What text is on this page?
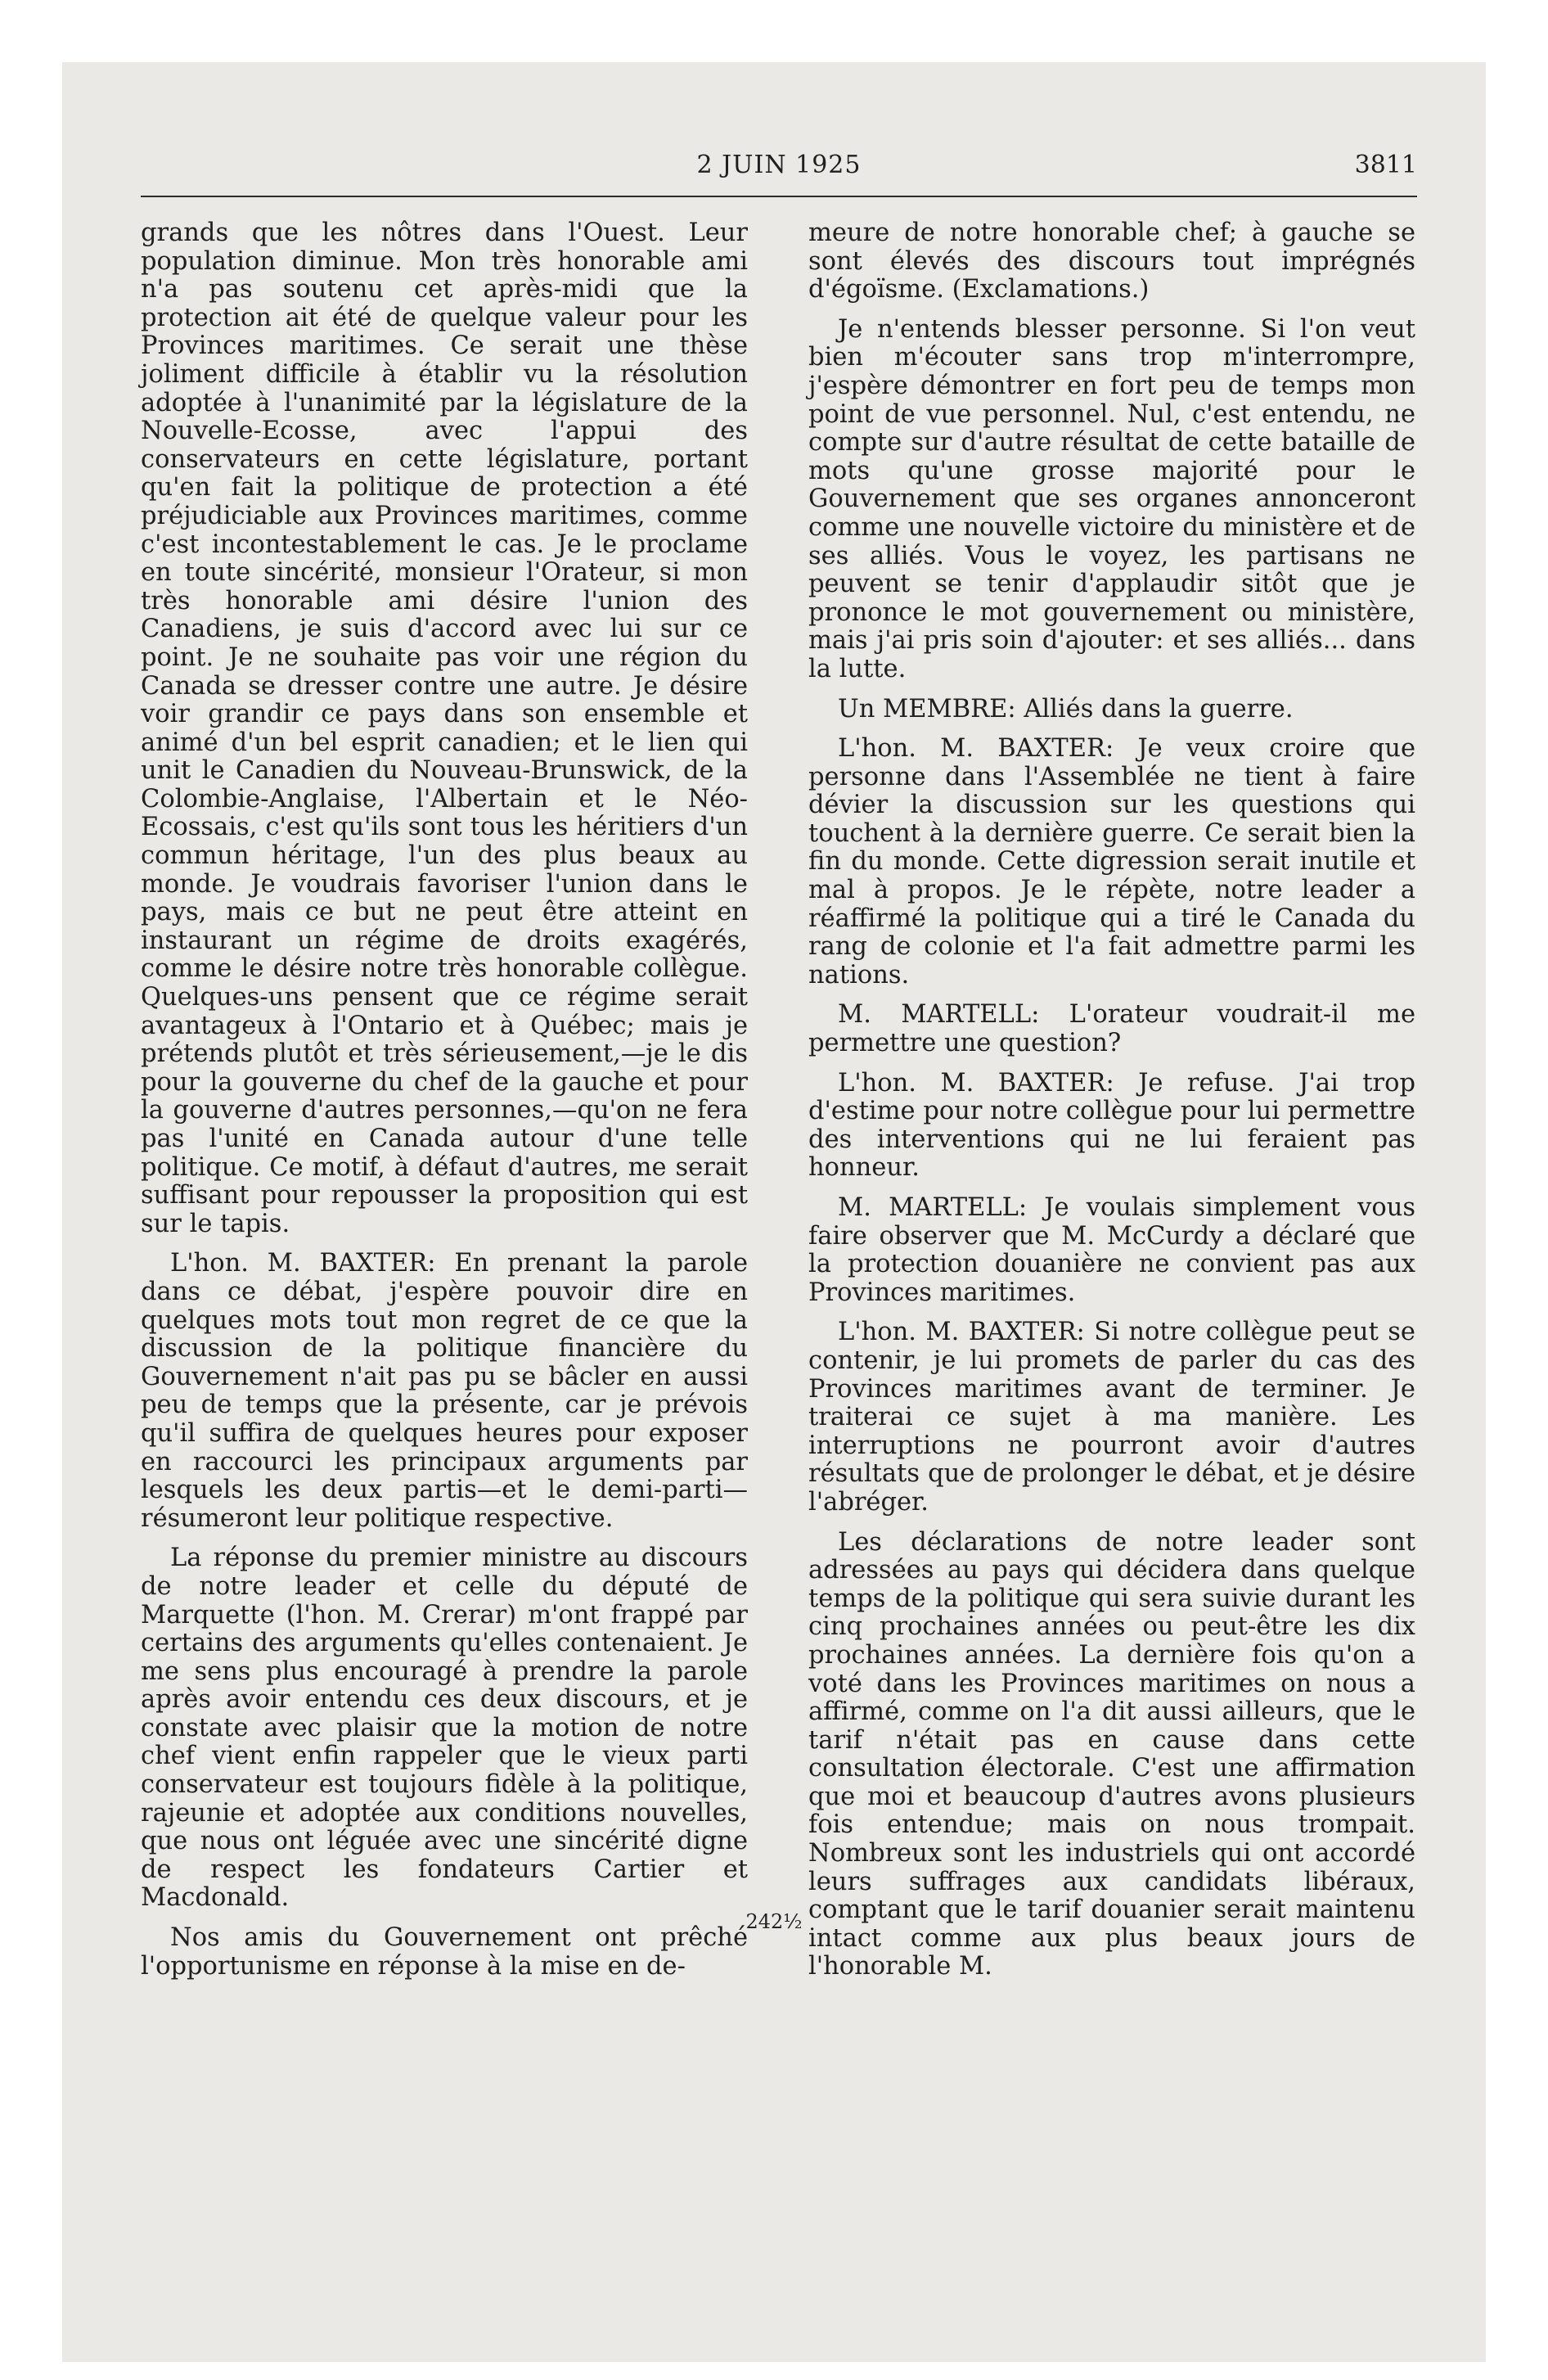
2 JUIN 1925	3811

grands que les nôtres dans l'Ouest. Leur population diminue. Mon très honorable ami n'a pas soutenu cet après-midi que la protection ait été de quelque valeur pour les Provinces maritimes. Ce serait une thèse joliment difficile à établir vu la résolution adoptée à l'unanimité par la législature de la Nouvelle-Ecosse, avec l'appui des conservateurs en cette législature, portant qu'en fait la politique de protection a été préjudiciable aux Provinces maritimes, comme c'est incontestablement le cas. Je le proclame en toute sincérité, monsieur l'Orateur, si mon très honorable ami désire l'union des Canadiens, je suis d'accord avec lui sur ce point. Je ne souhaite pas voir une région du Canada se dresser contre une autre. Je désire voir grandir ce pays dans son ensemble et animé d'un bel esprit canadien; et le lien qui unit le Canadien du Nouveau-Brunswick, de la Colombie-Anglaise, l'Albertain et le Néo-Ecossais, c'est qu'ils sont tous les héritiers d'un commun héritage, l'un des plus beaux au monde. Je voudrais favoriser l'union dans le pays, mais ce but ne peut être atteint en instaurant un régime de droits exagérés, comme le désire notre très honorable collègue. Quelques-uns pensent que ce régime serait avantageux à l'Ontario et à Québec; mais je prétends plutôt et très sérieusement,—je le dis pour la gouverne du chef de la gauche et pour la gouverne d'autres personnes,—qu'on ne fera pas l'unité en Canada autour d'une telle politique. Ce motif, à défaut d'autres, me serait suffisant pour repousser la proposition qui est sur le tapis.

L'hon. M. BAXTER: En prenant la parole dans ce débat, j'espère pouvoir dire en quelques mots tout mon regret de ce que la discussion de la politique financière du Gouvernement n'ait pas pu se bâcler en aussi peu de temps que la présente, car je prévois qu'il suffira de quelques heures pour exposer en raccourci les principaux arguments par lesquels les deux partis—et le demi-parti—résumeront leur politique respective.

La réponse du premier ministre au discours de notre leader et celle du député de Marquette (l'hon. M. Crerar) m'ont frappé par certains des arguments qu'elles contenaient. Je me sens plus encouragé à prendre la parole après avoir entendu ces deux discours, et je constate avec plaisir que la motion de notre chef vient enfin rappeler que le vieux parti conservateur est toujours fidèle à la politique, rajeunie et adoptée aux conditions nouvelles, que nous ont léguée avec une sincérité digne de respect les fondateurs Cartier et Macdonald.

Nos amis du Gouvernement ont prêché l'opportunisme en réponse à la mise en de-

meure de notre honorable chef; à gauche se sont élevés des discours tout imprégnés d'égoïsme. (Exclamations.)

Je n'entends blesser personne. Si l'on veut bien m'écouter sans trop m'interrompre, j'espère démontrer en fort peu de temps mon point de vue personnel. Nul, c'est entendu, ne compte sur d'autre résultat de cette bataille de mots qu'une grosse majorité pour le Gouvernement que ses organes annonceront comme une nouvelle victoire du ministère et de ses alliés. Vous le voyez, les partisans ne peuvent se tenir d'applaudir sitôt que je prononce le mot gouvernement ou ministère, mais j'ai pris soin d'ajouter: et ses alliés... dans la lutte.

Un MEMBRE: Alliés dans la guerre.

L'hon. M. BAXTER: Je veux croire que personne dans l'Assemblée ne tient à faire dévier la discussion sur les questions qui touchent à la dernière guerre. Ce serait bien la fin du monde. Cette digression serait inutile et mal à propos. Je le répète, notre leader a réaffirmé la politique qui a tiré le Canada du rang de colonie et l'a fait admettre parmi les nations.

M. MARTELL: L'orateur voudrait-il me permettre une question?

L'hon. M. BAXTER: Je refuse. J'ai trop d'estime pour notre collègue pour lui permettre des interventions qui ne lui feraient pas honneur.

M. MARTELL: Je voulais simplement vous faire observer que M. McCurdy a déclaré que la protection douanière ne convient pas aux Provinces maritimes.

L'hon. M. BAXTER: Si notre collègue peut se contenir, je lui promets de parler du cas des Provinces maritimes avant de terminer. Je traiterai ce sujet à ma manière. Les interruptions ne pourront avoir d'autres résultats que de prolonger le débat, et je désire l'abréger.

Les déclarations de notre leader sont adressées au pays qui décidera dans quelque temps de la politique qui sera suivie durant les cinq prochaines années ou peut-être les dix prochaines années. La dernière fois qu'on a voté dans les Provinces maritimes on nous a affirmé, comme on l'a dit aussi ailleurs, que le tarif n'était pas en cause dans cette consultation électorale. C'est une affirmation que moi et beaucoup d'autres avons plusieurs fois entendue; mais on nous trompait. Nombreux sont les industriels qui ont accordé leurs suffrages aux candidats libéraux, comptant que le tarif douanier serait maintenu intact comme aux plus beaux jours de l'honorable M.

242½
